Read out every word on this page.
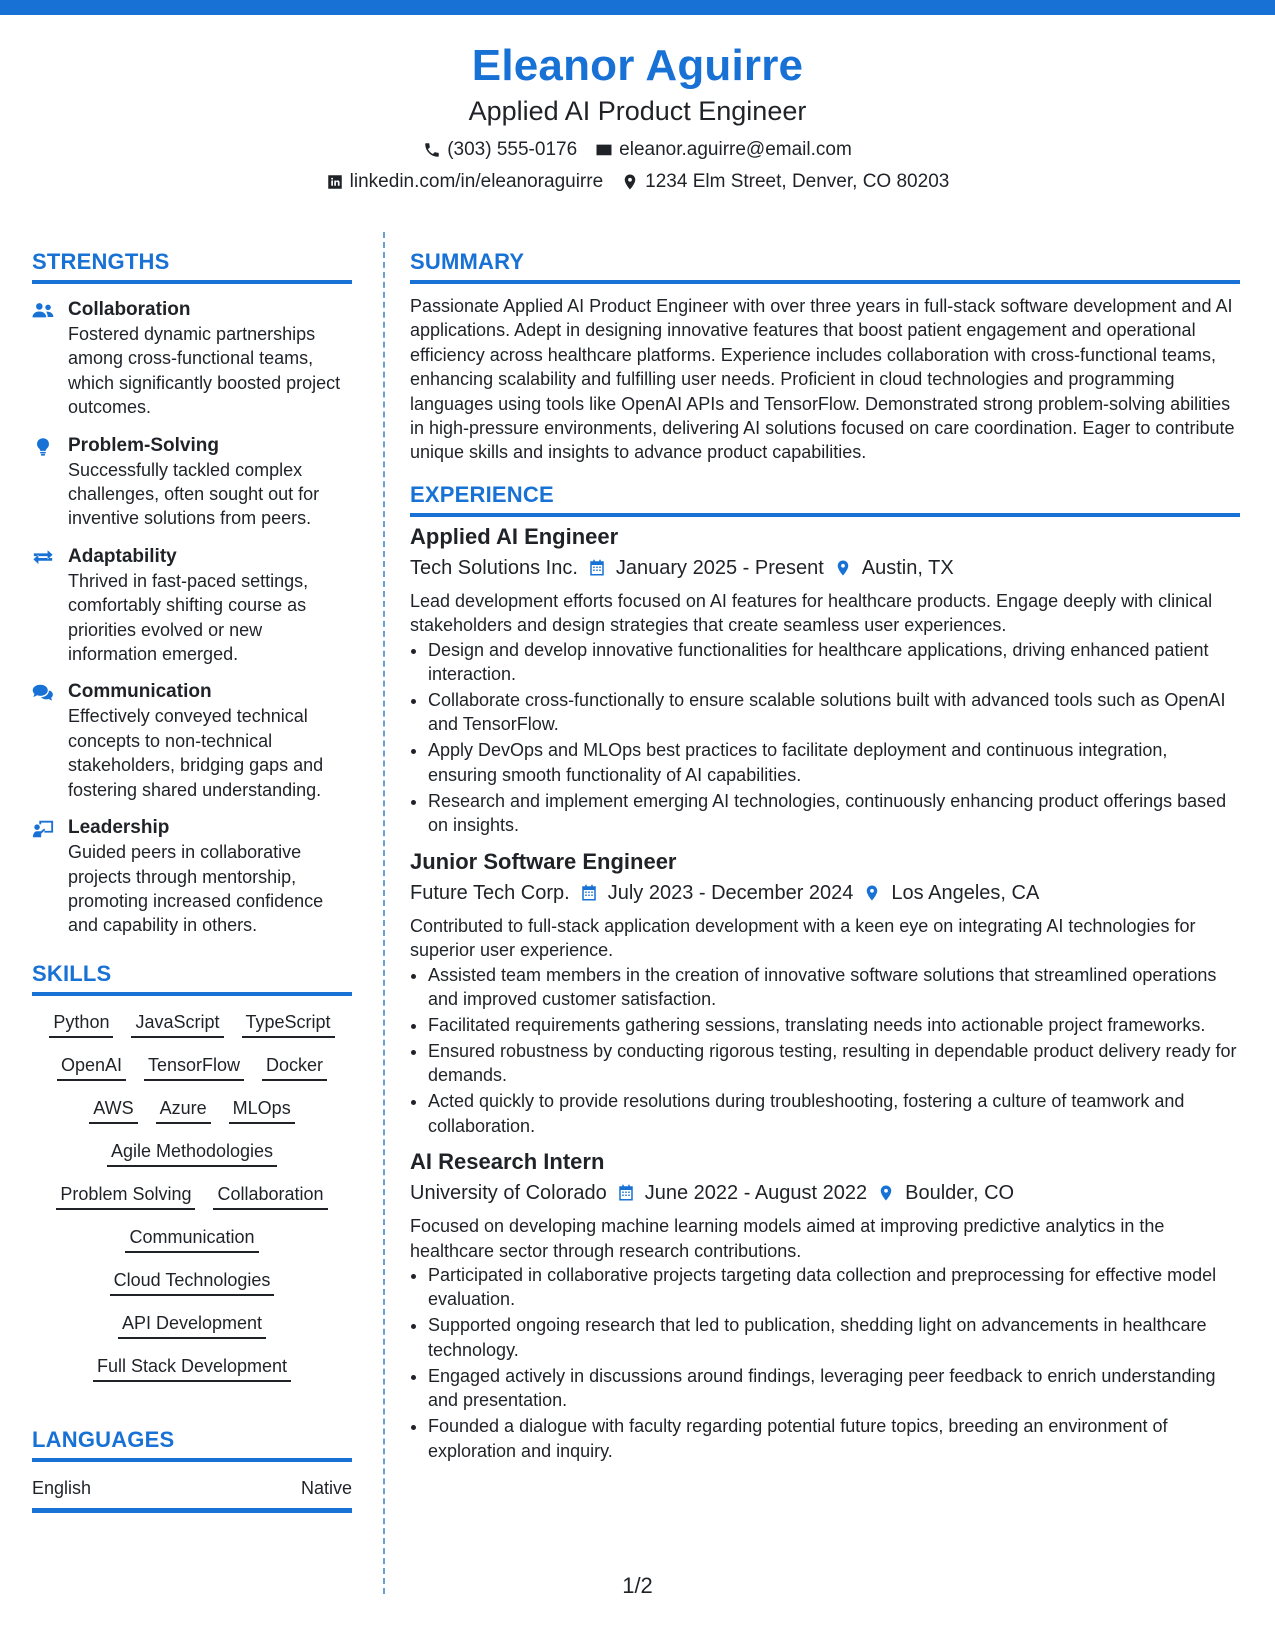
Eleanor Aguirre
Applied AI Product Engineer
(303) 555-0176 eleanor.aguirre@email.com
linkedin.com/in/eleanoraguirre 1234 Elm Street, Denver, CO 80203
STRENGTHS
Collaboration
Fostered dynamic partnerships among cross-functional teams, which significantly boosted project outcomes.
Problem-Solving
Successfully tackled complex challenges, often sought out for inventive solutions from peers.
Adaptability
Thrived in fast-paced settings, comfortably shifting course as priorities evolved or new information emerged.
Communication
Effectively conveyed technical concepts to non-technical stakeholders, bridging gaps and fostering shared understanding.
Leadership
Guided peers in collaborative projects through mentorship, promoting increased confidence and capability in others.
SKILLS
Python JavaScript TypeScript
OpenAI TensorFlow Docker
AWS Azure MLOps
Agile Methodologies
Problem Solving Collaboration
Communication
Cloud Technologies
API Development
Full Stack Development
LANGUAGES
English	Native
SUMMARY
Passionate Applied AI Product Engineer with over three years in full-stack software development and AI applications. Adept in designing innovative features that boost patient engagement and operational efficiency across healthcare platforms. Experience includes collaboration with cross-functional teams, enhancing scalability and fulfilling user needs. Proficient in cloud technologies and programming languages using tools like OpenAI APIs and TensorFlow. Demonstrated strong problem-solving abilities in high-pressure environments, delivering AI solutions focused on care coordination. Eager to contribute unique skills and insights to advance product capabilities.
EXPERIENCE
Applied AI Engineer
Tech Solutions Inc. January 2025 - Present Austin, TX
Lead development efforts focused on AI features for healthcare products. Engage deeply with clinical stakeholders and design strategies that create seamless user experiences.
• Design and develop innovative functionalities for healthcare applications, driving enhanced patient interaction.
• Collaborate cross-functionally to ensure scalable solutions built with advanced tools such as OpenAI and TensorFlow.
• Apply DevOps and MLOps best practices to facilitate deployment and continuous integration, ensuring smooth functionality of AI capabilities.
• Research and implement emerging AI technologies, continuously enhancing product offerings based on insights.
Junior Software Engineer
Future Tech Corp. July 2023 - December 2024 Los Angeles, CA
Contributed to full-stack application development with a keen eye on integrating AI technologies for superior user experience.
• Assisted team members in the creation of innovative software solutions that streamlined operations and improved customer satisfaction.
• Facilitated requirements gathering sessions, translating needs into actionable project frameworks.
• Ensured robustness by conducting rigorous testing, resulting in dependable product delivery ready for demands.
• Acted quickly to provide resolutions during troubleshooting, fostering a culture of teamwork and collaboration.
AI Research Intern
University of Colorado June 2022 - August 2022 Boulder, CO
Focused on developing machine learning models aimed at improving predictive analytics in the healthcare sector through research contributions.
• Participated in collaborative projects targeting data collection and preprocessing for effective model evaluation.
• Supported ongoing research that led to publication, shedding light on advancements in healthcare technology.
• Engaged actively in discussions around findings, leveraging peer feedback to enrich understanding and presentation.
• Founded a dialogue with faculty regarding potential future topics, breeding an environment of exploration and inquiry.
1/2
